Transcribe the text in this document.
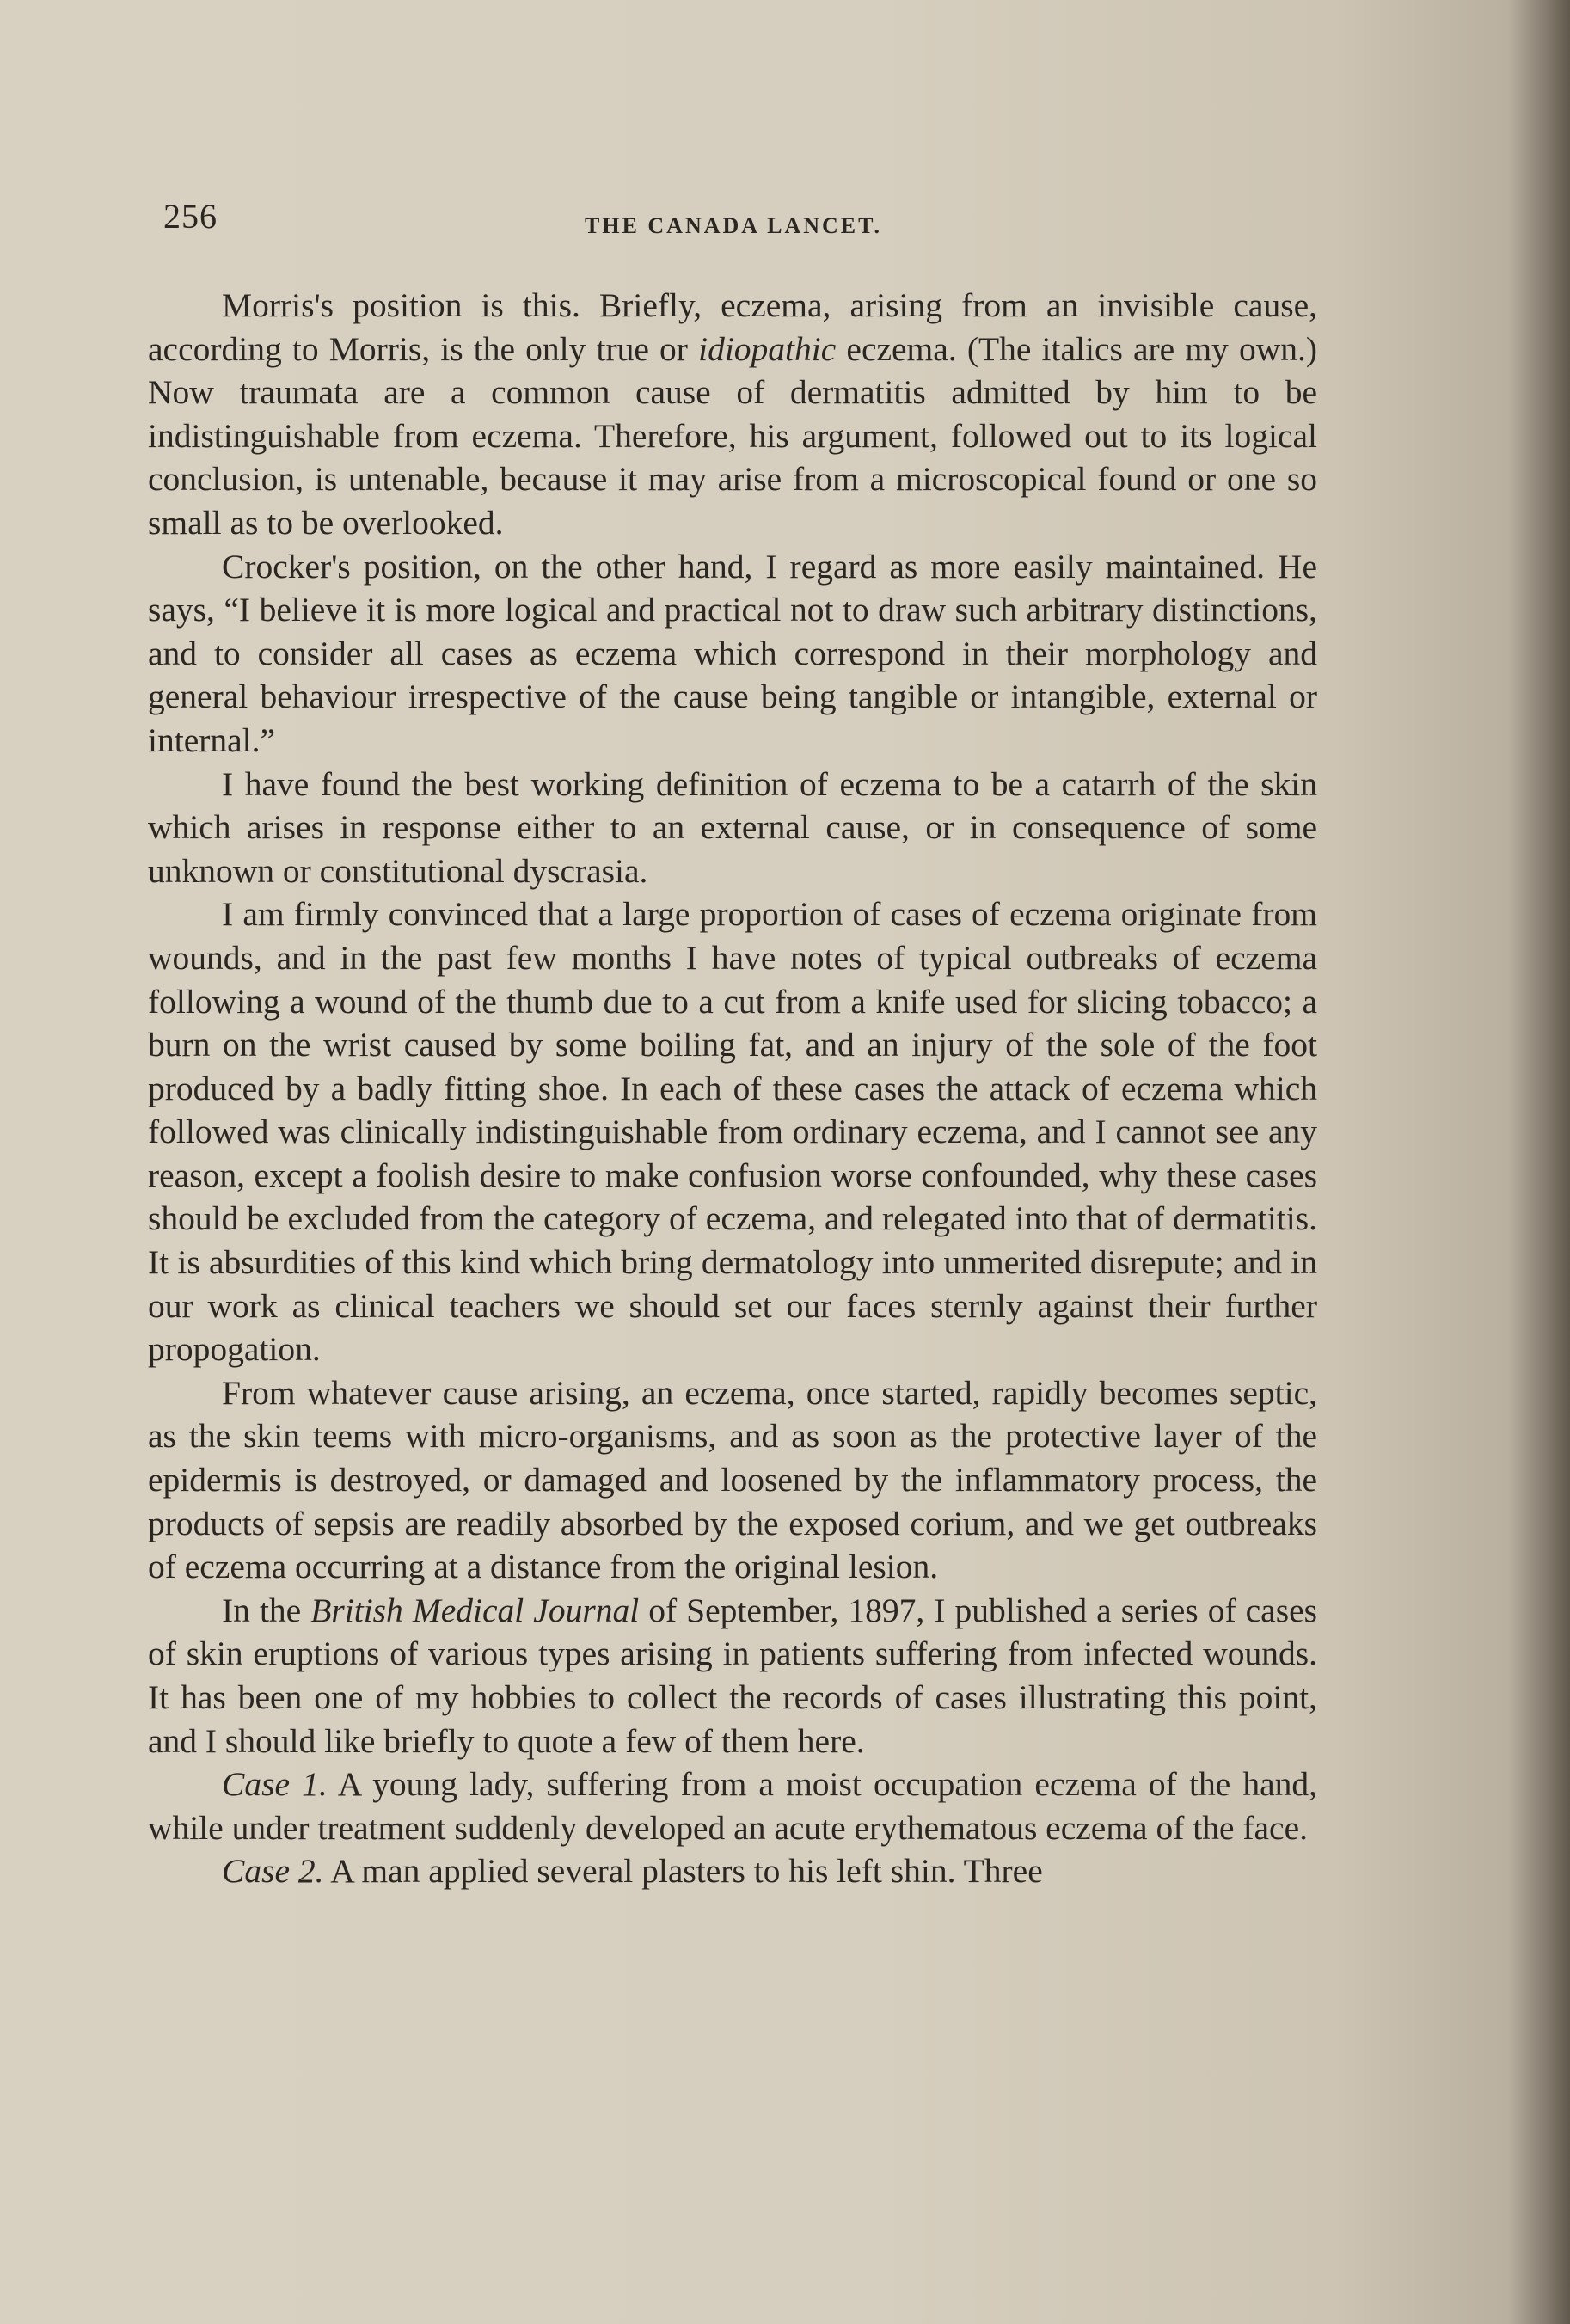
256	THE CANADA LANCET.

Morris's position is this. Briefly, eczema, arising from an invisible cause, according to Morris, is the only true or idiopathic eczema. (The italics are my own.) Now traumata are a common cause of dermatitis admitted by him to be indistinguishable from eczema. Therefore, his argument, followed out to its logical conclusion, is untenable, because it may arise from a microscopical found or one so small as to be overlooked.

Crocker's position, on the other hand, I regard as more easily maintained. He says, “I believe it is more logical and practical not to draw such arbitrary distinctions, and to consider all cases as eczema which correspond in their morphology and general behaviour irrespective of the cause being tangible or intangible, external or internal.”

I have found the best working definition of eczema to be a catarrh of the skin which arises in response either to an external cause, or in consequence of some unknown or constitutional dyscrasia.

I am firmly convinced that a large proportion of cases of eczema originate from wounds, and in the past few months I have notes of typical outbreaks of eczema following a wound of the thumb due to a cut from a knife used for slicing tobacco; a burn on the wrist caused by some boiling fat, and an injury of the sole of the foot produced by a badly fitting shoe. In each of these cases the attack of eczema which followed was clinically indistinguishable from ordinary eczema, and I cannot see any reason, except a foolish desire to make confusion worse confounded, why these cases should be excluded from the category of eczema, and relegated into that of dermatitis. It is absurdities of this kind which bring dermatology into unmerited disrepute; and in our work as clinical teachers we should set our faces sternly against their further propogation.

From whatever cause arising, an eczema, once started, rapidly becomes septic, as the skin teems with micro-organisms, and as soon as the protective layer of the epidermis is destroyed, or damaged and loosened by the inflammatory process, the products of sepsis are readily absorbed by the exposed corium, and we get outbreaks of eczema occurring at a distance from the original lesion.

In the British Medical Journal of September, 1897, I published a series of cases of skin eruptions of various types arising in patients suffering from infected wounds. It has been one of my hobbies to collect the records of cases illustrating this point, and I should like briefly to quote a few of them here.

Case 1. A young lady, suffering from a moist occupation eczema of the hand, while under treatment suddenly developed an acute erythematous eczema of the face.

Case 2. A man applied several plasters to his left shin. Three
